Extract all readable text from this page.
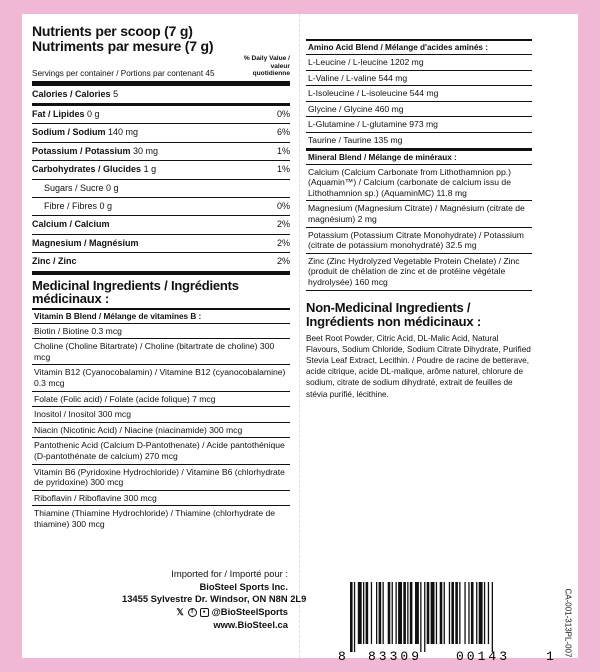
Nutrients per scoop (7 g)
Nutriments par mesure (7 g)
Servings per container / Portions par contenant 45
% Daily Value / valeur quotidienne
Calories / Calories 5
Fat / Lipides 0 g	0%
Sodium / Sodium 140 mg	6%
Potassium / Potassium 30 mg	1%
Carbohydrates / Glucides 1 g	1%
Sugars / Sucre 0 g
Fibre / Fibres 0 g	0%
Calcium / Calcium	2%
Magnesium / Magnésium	2%
Zinc / Zinc	2%
Medicinal Ingredients / Ingrédients médicinaux :
Vitamin B Blend / Mélange de vitamines B :
Biotin / Biotine 0.3 mcg
Choline (Choline Bitartrate) / Choline (bitartrate de choline) 300 mcg
Vitamin B12 (Cyanocobalamin) / Vitamine B12 (cyanocobalamine) 0.3 mcg
Folate (Folic acid) / Folate (acide folique) 7 mcg
Inositol / Inositol 300 mcg
Niacin (Nicotinic Acid) / Niacine (niacinamide) 300 mcg
Pantothenic Acid (Calcium D-Pantothenate) / Acide pantothénique (D-pantothénate de calcium) 270 mcg
Vitamin B6 (Pyridoxine Hydrochloride) / Vitamine B6 (chlorhydrate de pyridoxine) 300 mcg
Riboflavin / Riboflavine 300 mcg
Thiamine (Thiamine Hydrochloride) / Thiamine (chlorhydrate de thiamine) 300 mcg
Imported for / Importé pour :
BioSteel Sports Inc.
13455 Sylvestre Dr. Windsor, ON N8N 2L9
𝕏	f	● @BioSteelSports
www.BioSteel.ca
Amino Acid Blend / Mélange d'acides aminés :
L-Leucine / L-leucine 1202 mg
L-Valine / L-valine 544 mg
L-Isoleucine / L-isoleucine 544 mg
Glycine / Glycine 460 mg
L-Glutamine / L-glutamine 973 mg
Taurine / Taurine 135 mg
Mineral Blend / Mélange de minéraux :
Calcium (Calcium Carbonate from Lithothamnion pp.) (Aquamin™) / Calcium (carbonate de calcium issu de Lithothamnion sp.) (AquaminMC) 11.8 mg
Magnesium (Magnesium Citrate) / Magnésium (citrate de magnésium) 2 mg
Potassium (Potassium Citrate Monohydrate) / Potassium (citrate de potassium monohydraté) 32.5 mg
Zinc (Zinc Hydrolyzed Vegetable Protein Chelate) / Zinc (produit de chélation de zinc et de protéine végétale hydrolysée) 160 mcg
Non-Medicinal Ingredients / Ingrédients non médicinaux :
Beet Root Powder, Citric Acid, DL-Malic Acid, Natural Flavours, Sodium Chloride, Sodium Citrate Dihydrate, Purified Stevia Leaf Extract, Lecithin. / Poudre de racine de betterave, acide citrique, acide DL-malique, arôme naturel, chlorure de sodium, citrate de sodium dihydraté, extrait de feuilles de stévia purifié, lécithine.
8 83309	00143	1 CA-001-313PL-007
